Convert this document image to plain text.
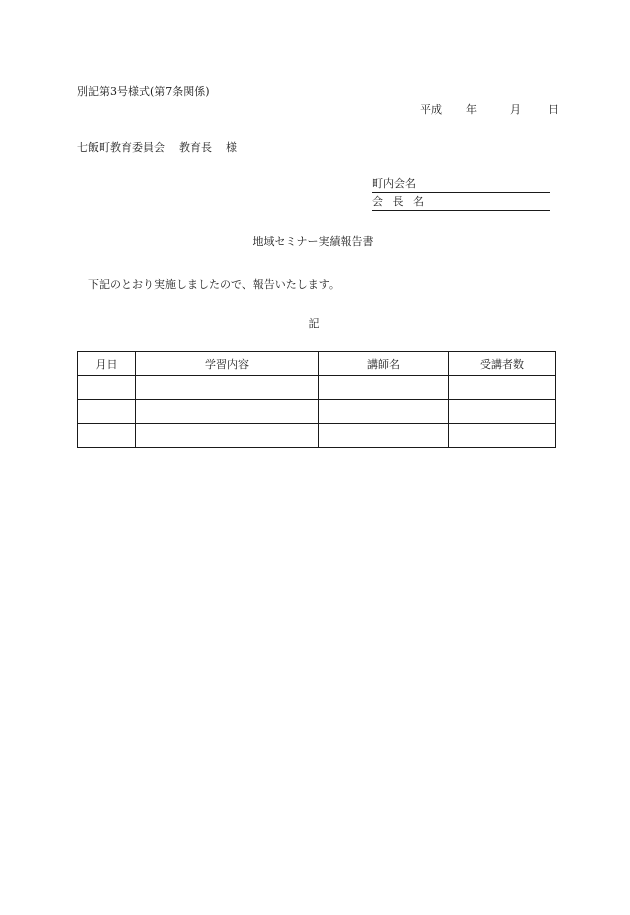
別記第3号様式(第7条関係)
平成	年	月	日
七飯町教育委員会 教育長 様
町内会名
会 長 名
地域セミナー実績報告書
下記のとおり実施しましたので、報告いたします。
記
月日	学習内容	講師名	受講者数
